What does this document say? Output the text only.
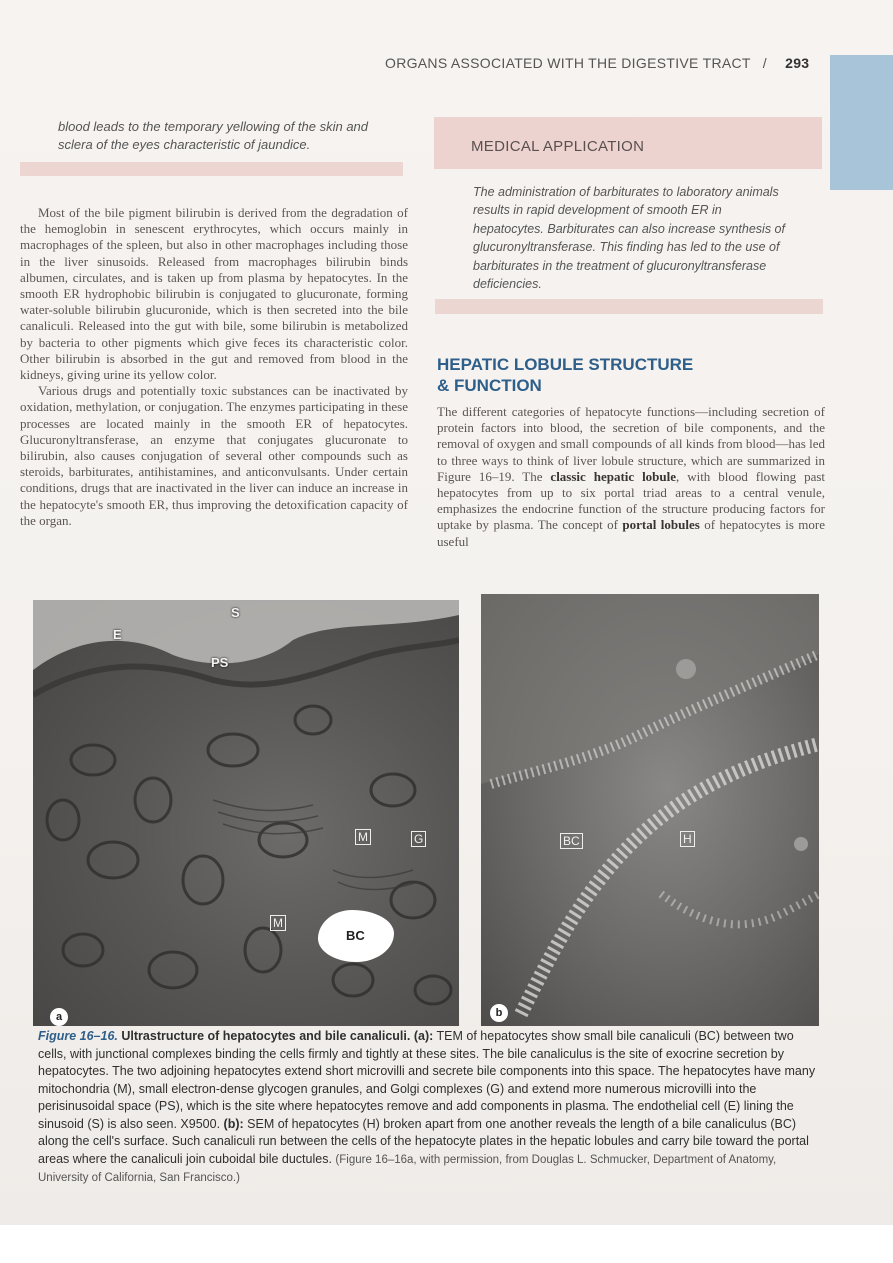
ORGANS ASSOCIATED WITH THE DIGESTIVE TRACT / 293
blood leads to the temporary yellowing of the skin and sclera of the eyes characteristic of jaundice.

Most of the bile pigment bilirubin is derived from the degradation of the hemoglobin in senescent erythrocytes, which occurs mainly in macrophages of the spleen, but also in other macrophages including those in the liver sinusoids. Released from macrophages bilirubin binds albumen, circulates, and is taken up from plasma by hepatocytes. In the smooth ER hydrophobic bilirubin is conjugated to glucuronate, forming water-soluble bilirubin glucuronide, which is then secreted into the bile canaliculi. Released into the gut with bile, some bilirubin is metabolized by bacteria to other pigments which give feces its characteristic color. Other bilirubin is absorbed in the gut and removed from blood in the kidneys, giving urine its yellow color.

Various drugs and potentially toxic substances can be inactivated by oxidation, methylation, or conjugation. The enzymes participating in these processes are located mainly in the smooth ER of hepatocytes. Glucuronyltransferase, an enzyme that conjugates glucuronate to bilirubin, also causes conjugation of several other compounds such as steroids, barbiturates, antihistamines, and anticonvulsants. Under certain conditions, drugs that are inactivated in the liver can induce an increase in the hepatocyte's smooth ER, thus improving the detoxification capacity of the organ.

MEDICAL APPLICATION
The administration of barbiturates to laboratory animals results in rapid development of smooth ER in hepatocytes. Barbiturates can also increase synthesis of glucuronyltransferase. This finding has led to the use of barbiturates in the treatment of glucuronyltransferase deficiencies.
HEPATIC LOBULE STRUCTURE
& FUNCTION
The different categories of hepatocyte functions—including secretion of protein factors into blood, the secretion of bile components, and the removal of oxygen and small compounds of all kinds from blood—has led to three ways to think of liver lobule structure, which are summarized in Figure 16–19. The classic hepatic lobule, with blood flowing past hepatocytes from up to six portal triad areas to a central venule, emphasizes the endocrine function of the structure producing factors for uptake by plasma. The concept of portal lobules of hepatocytes is more useful
S
E
PS
M	G
M
a
BC
BC	H
b
Figure 16–16. Ultrastructure of hepatocytes and bile canaliculi. (a): TEM of hepatocytes show small bile canaliculi (BC) between two cells, with junctional complexes binding the cells firmly and tightly at these sites. The bile canaliculus is the site of exocrine secretion by hepatocytes. The two adjoining hepatocytes extend short microvilli and secrete bile components into this space. The hepatocytes have many mitochondria (M), small electron-dense glycogen granules, and Golgi complexes (G) and extend more numerous microvilli into the perisinusoidal space (PS), which is the site where hepatocytes remove and add components in plasma. The endothelial cell (E) lining the sinusoid (S) is also seen. X9500. (b): SEM of hepatocytes (H) broken apart from one another reveals the length of a bile canaliculus (BC) along the cell's surface. Such canaliculi run between the cells of the hepatocyte plates in the hepatic lobules and carry bile toward the portal areas where the canaliculi join cuboidal bile ductules. (Figure 16–16a, with permission, from Douglas L. Schmucker, Department of Anatomy, University of California, San Francisco.)
